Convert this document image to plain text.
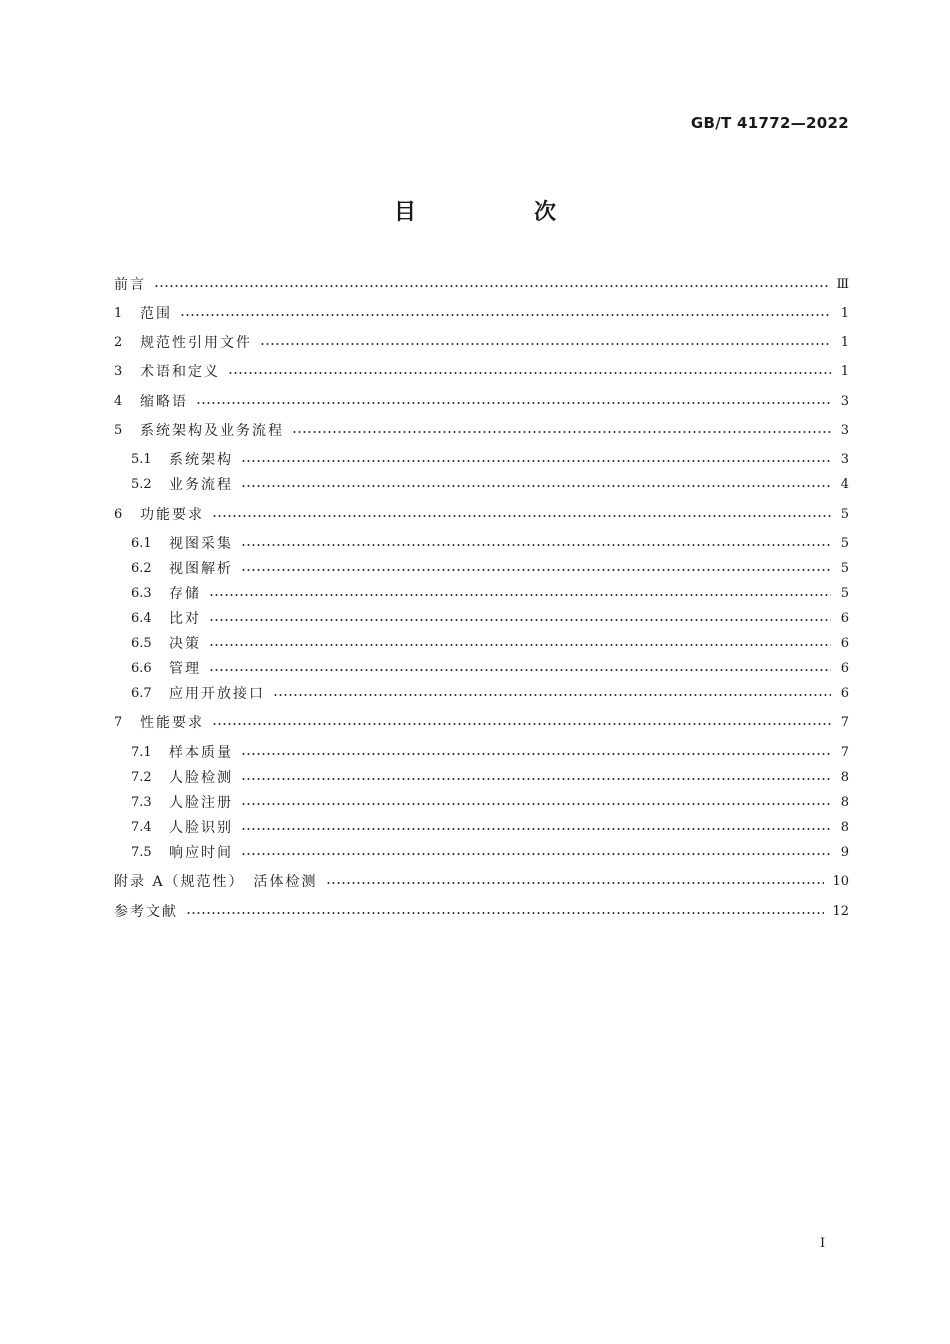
GB/T 41772—2022
目　次
前言	Ⅲ
1	范围	1
2	规范性引用文件	1
3	术语和定义	1
4	缩略语	3
5	系统架构及业务流程	3
5.1	系统架构	3
5.2	业务流程	4
6	功能要求	5
6.1	视图采集	5
6.2	视图解析	5
6.3	存储	5
6.4	比对	6
6.5	决策	6
6.6	管理	6
6.7	应用开放接口	6
7	性能要求	7
7.1	样本质量	7
7.2	人脸检测	8
7.3	人脸注册	8
7.4	人脸识别	8
7.5	响应时间	9
附录 A（规范性）　活体检测	10
参考文献	12
I
